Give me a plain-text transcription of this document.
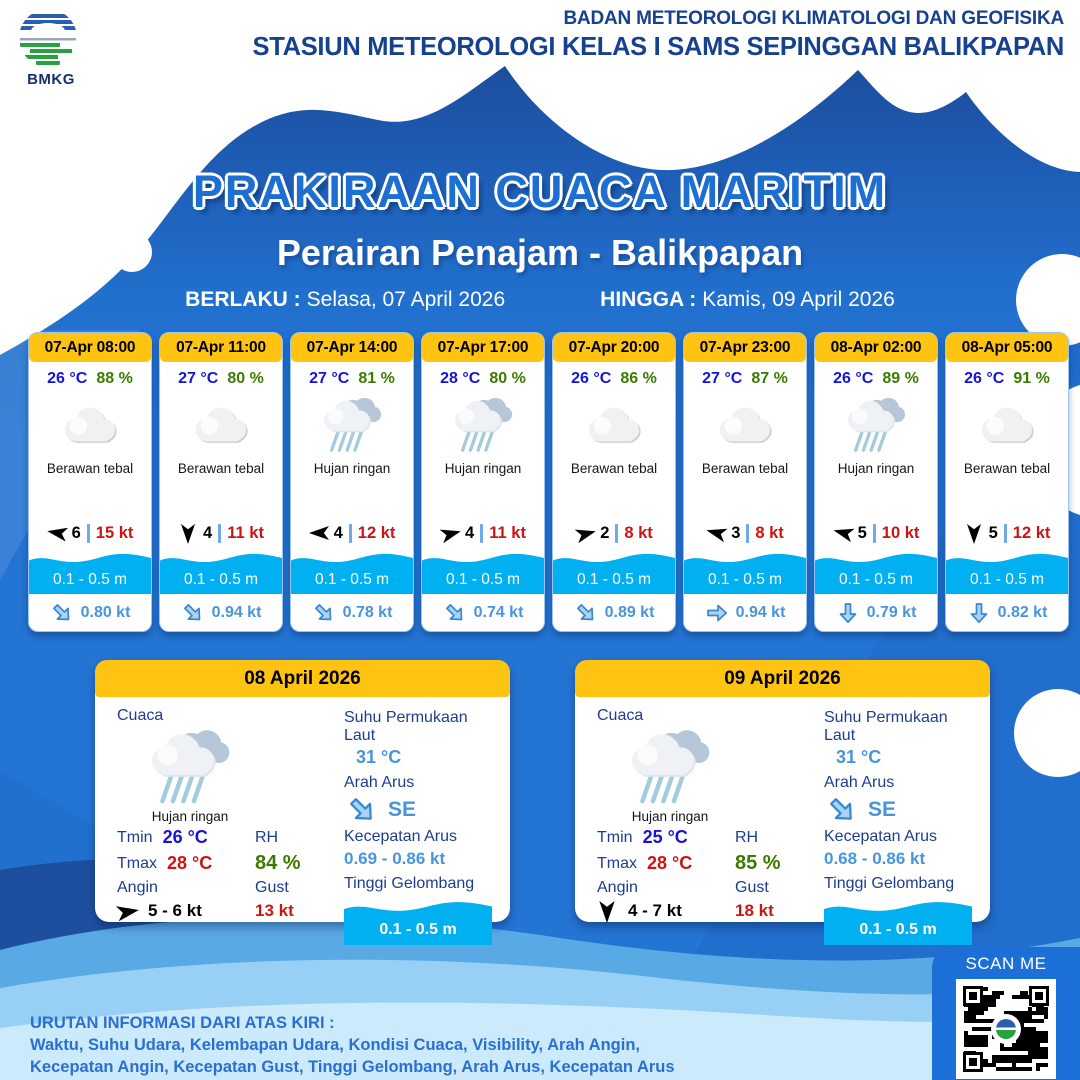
BMKG
BADAN METEOROLOGI KLIMATOLOGI DAN GEOFISIKA
STASIUN METEOROLOGI KELAS I SAMS SEPINGGAN BALIKPAPAN
PRAKIRAAN CUACA MARITIM
Perairan Penajam - Balikpapan
BERLAKU : Selasa, 07 April 2026	HINGGA : Kamis, 09 April 2026
07-Apr 08:00
26 °C 88 %
Berawan tebal
6 15 kt
0.1 - 0.5 m
0.80 kt
07-Apr 11:00
27 °C 80 %
Berawan tebal
4 11 kt
0.1 - 0.5 m
0.94 kt
07-Apr 14:00
27 °C 81 %
Hujan ringan
4 12 kt
0.1 - 0.5 m
0.78 kt
07-Apr 17:00
28 °C 80 %
Hujan ringan
4 11 kt
0.1 - 0.5 m
0.74 kt
07-Apr 20:00
26 °C 86 %
Berawan tebal
2 8 kt
0.1 - 0.5 m
0.89 kt
07-Apr 23:00
27 °C 87 %
Berawan tebal
3 8 kt
0.1 - 0.5 m
0.94 kt
08-Apr 02:00
26 °C 89 %
Hujan ringan
5 10 kt
0.1 - 0.5 m
0.79 kt
08-Apr 05:00
26 °C 91 %
Berawan tebal
5 12 kt
0.1 - 0.5 m
0.82 kt
08 April 2026
Cuaca
Hujan ringan
Tmin 26 °C	RH
Tmax 28 °C 84 %
Angin	Gust
5 - 6 kt	13 kt
Suhu Permukaan Laut
31 °C
Arah Arus
SE
Kecepatan Arus
0.69 - 0.86 kt
Tinggi Gelombang
0.1 - 0.5 m
09 April 2026
Cuaca
Hujan ringan
Tmin 25 °C	RH
Tmax 28 °C 85 %
Angin	Gust
4 - 7 kt	18 kt
Suhu Permukaan Laut
31 °C
Arah Arus
SE
Kecepatan Arus
0.68 - 0.86 kt
Tinggi Gelombang
0.1 - 0.5 m
URUTAN INFORMASI DARI ATAS KIRI :
Waktu, Suhu Udara, Kelembapan Udara, Kondisi Cuaca, Visibility, Arah Angin,
Kecepatan Angin, Kecepatan Gust, Tinggi Gelombang, Arah Arus, Kecepatan Arus
SCAN ME
